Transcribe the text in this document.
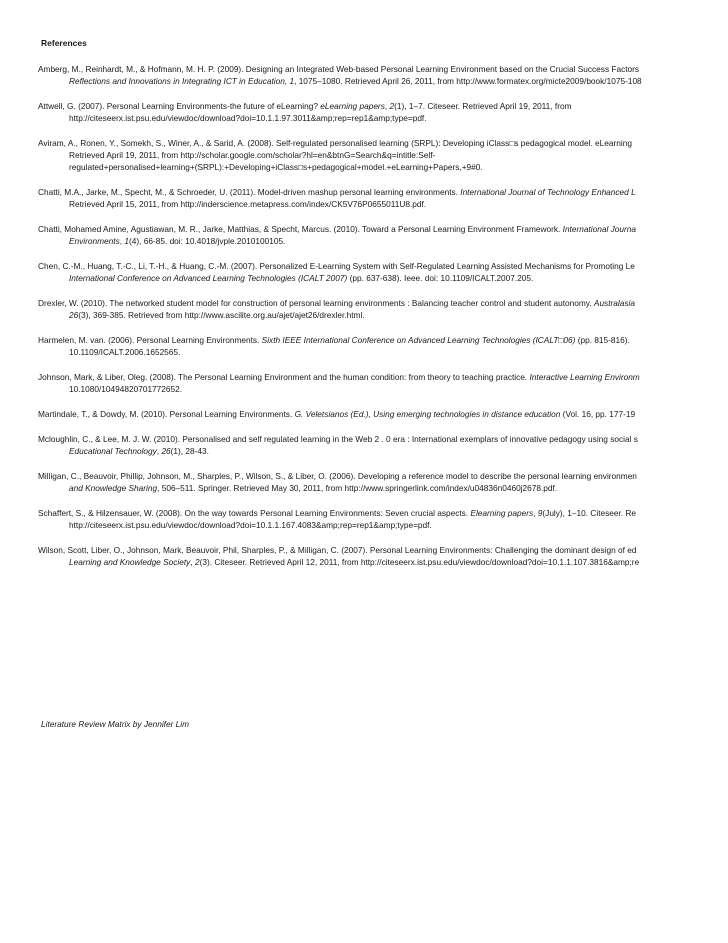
References
Amberg, M., Reinhardt, M., & Hofmann, M. H. P. (2009). Designing an Integrated Web-based Personal Learning Environment based on the Crucial Success Factors
Reflections and Innovations in Integrating ICT in Education, 1, 1075–1080. Retrieved April 26, 2011, from http://www.formatex.org/micte2009/book/1075-108
Attwell, G. (2007). Personal Learning Environments-the future of eLearning? eLearning papers, 2(1), 1–7. Citeseer. Retrieved April 19, 2011, from
http://citeseerx.ist.psu.edu/viewdoc/download?doi=10.1.1.97.3011&amp;rep=rep1&amp;type=pdf.
Aviram, A., Ronen, Y., Somekh, S., Winer, A., & Sarid, A. (2008). Self-regulated personalised learning (SRPL): Developing iClass□s pedagogical model. eLearning
Retrieved April 19, 2011, from http://scholar.google.com/scholar?hl=en&btnG=Search&q=intitle:Self-
regulated+personalised+learning+(SRPL):+Developing+iClass□s+pedagogical+model.+eLearning+Papers,+9#0.
Chatti, M.A., Jarke, M., Specht, M., & Schroeder, U. (2011). Model-driven mashup personal learning environments. International Journal of Technology Enhanced L
Retrieved April 15, 2011, from http://inderscience.metapress.com/index/CK5V76P0655011U8.pdf.
Chatti, Mohamed Amine, Agustiawan, M. R., Jarke, Matthias, & Specht, Marcus. (2010). Toward a Personal Learning Environment Framework. International Journa
Environments, 1(4), 66-85. doi: 10.4018/jvple.2010100105.
Chen, C.-M., Huang, T.-C., Li, T.-H., & Huang, C.-M. (2007). Personalized E-Learning System with Self-Regulated Learning Assisted Mechanisms for Promoting Le
International Conference on Advanced Learning Technologies (ICALT 2007) (pp. 637-638). Ieee. doi: 10.1109/ICALT.2007.205.
Drexler, W. (2010). The networked student model for construction of personal learning environments : Balancing teacher control and student autonomy. Australasia
26(3), 369-385. Retrieved from http://www.ascilite.org.au/ajet/ajet26/drexler.html.
Harmelen, M. van. (2006). Personal Learning Environments. Sixth IEEE International Conference on Advanced Learning Technologies (ICALT□06) (pp. 815-816).
10.1109/ICALT.2006.1652565.
Johnson, Mark, & Liber, Oleg. (2008). The Personal Learning Environment and the human condition: from theory to teaching practice. Interactive Learning Environm
10.1080/10494820701772652.
Martindale, T., & Dowdy, M. (2010). Personal Learning Environments. G. Veletsianos (Ed.), Using emerging technologies in distance education (Vol. 16, pp. 177-19
Mcloughlin, C., & Lee, M. J. W. (2010). Personalised and self regulated learning in the Web 2 . 0 era : International exemplars of innovative pedagogy using social s
Educational Technology, 26(1), 28-43.
Milligan, C., Beauvoir, Phillip, Johnson, M., Sharples, P., Wilson, S., & Liber, O. (2006). Developing a reference model to describe the personal learning environmen
and Knowledge Sharing, 506–511. Springer. Retrieved May 30, 2011, from http://www.springerlink.com/index/u04836n0460j2678.pdf.
Schaffert, S., & Hilzensauer, W. (2008). On the way towards Personal Learning Environments: Seven crucial aspects. Elearning papers, 9(July), 1–10. Citeseer. Re
http://citeseerx.ist.psu.edu/viewdoc/download?doi=10.1.1.167.4083&amp;rep=rep1&amp;type=pdf.
Wilson, Scott, Liber, O., Johnson, Mark, Beauvoir, Phil, Sharples, P., & Milligan, C. (2007). Personal Learning Environments: Challenging the dominant design of ed
Learning and Knowledge Society, 2(3). Citeseer. Retrieved April 12, 2011, from http://citeseerx.ist.psu.edu/viewdoc/download?doi=10.1.1.107.3816&amp;re
Literature Review Matrix by Jennifer Lim
